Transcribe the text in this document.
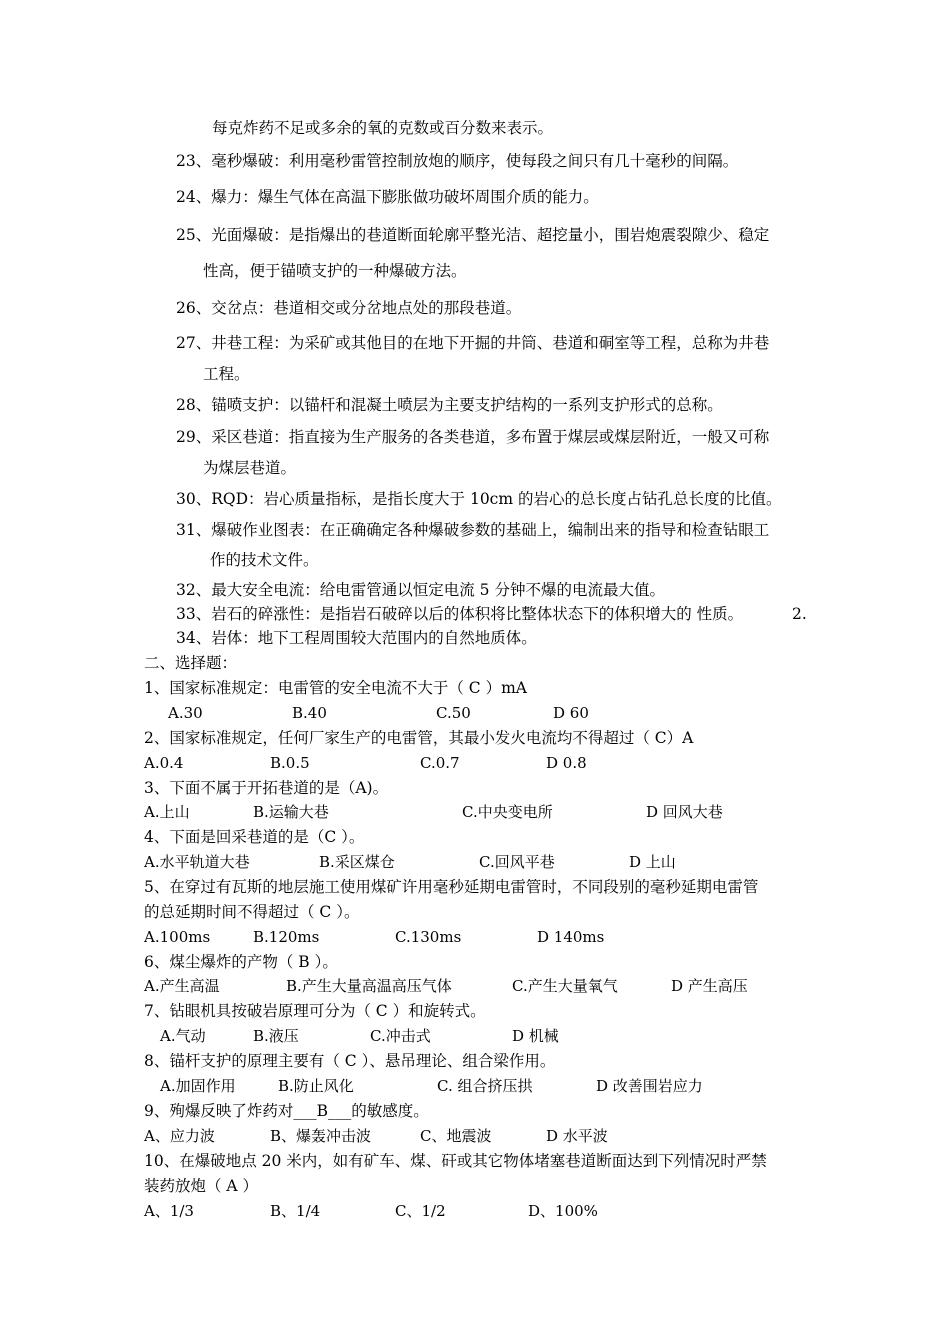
每克炸药不足或多余的氧的克数或百分数来表示。
23、毫秒爆破：利用毫秒雷管控制放炮的顺序，使每段之间只有几十毫秒的间隔。
24、爆力：爆生气体在高温下膨胀做功破坏周围介质的能力。
25、光面爆破：是指爆出的巷道断面轮廓平整光洁、超挖量小，围岩炮震裂隙少、稳定
性高，便于锚喷支护的一种爆破方法。
26、交岔点：巷道相交或分岔地点处的那段巷道。
27、井巷工程：为采矿或其他目的在地下开掘的井筒、巷道和硐室等工程，总称为井巷
工程。
28、锚喷支护：以锚杆和混凝土喷层为主要支护结构的一系列支护形式的总称。
29、采区巷道：指直接为生产服务的各类巷道，多布置于煤层或煤层附近，一般又可称
为煤层巷道。
30、RQD：岩心质量指标，是指长度大于 10cm 的岩心的总长度占钻孔总长度的比值。
31、爆破作业图表：在正确确定各种爆破参数的基础上，编制出来的指导和检查钻眼工
作的技术文件。
32、最大安全电流：给电雷管通以恒定电流 5 分钟不爆的电流最大值。
33、岩石的碎涨性：是指岩石破碎以后的体积将比整体状态下的体积增大的 性质。	2.
34、岩体：地下工程周围较大范围内的自然地质体。
二、选择题：
1、国家标准规定：电雷管的安全电流不大于（ C ）mA
A.30	B.40	C.50	D 60
2、国家标准规定，任何厂家生产的电雷管，其最小发火电流均不得超过（ C）A
A.0.4	B.0.5	C.0.7	D 0.8
3、下面不属于开拓巷道的是（A)。
A.上山	B.运输大巷	C.中央变电所	D 回风大巷
4、下面是回采巷道的是（C ）。
A.水平轨道大巷	B.采区煤仓	C.回风平巷	D 上山
5、在穿过有瓦斯的地层施工使用煤矿许用毫秒延期电雷管时，不同段别的毫秒延期电雷管
的总延期时间不得超过（ C ）。
A.100ms	B.120ms	C.130ms	D 140ms
6、煤尘爆炸的产物（ B ）。
A.产生高温	B.产生大量高温高压气体	C.产生大量氧气	D 产生高压
7、钻眼机具按破岩原理可分为（ C ）和旋转式。
A.气动	B.液压	C.冲击式	D 机械
8、锚杆支护的原理主要有（ C ）、悬吊理论、组合梁作用。
A.加固作用	B.防止风化	C. 组合挤压拱	D 改善围岩应力
9、殉爆反映了炸药对___B___的敏感度。
A、应力波	B、爆轰冲击波	C、地震波	D 水平波
10、在爆破地点 20 米内，如有矿车、煤、矸或其它物体堵塞巷道断面达到下列情况时严禁
装药放炮（ A ）
A、1/3	B、1/4	C、1/2	D、100%
